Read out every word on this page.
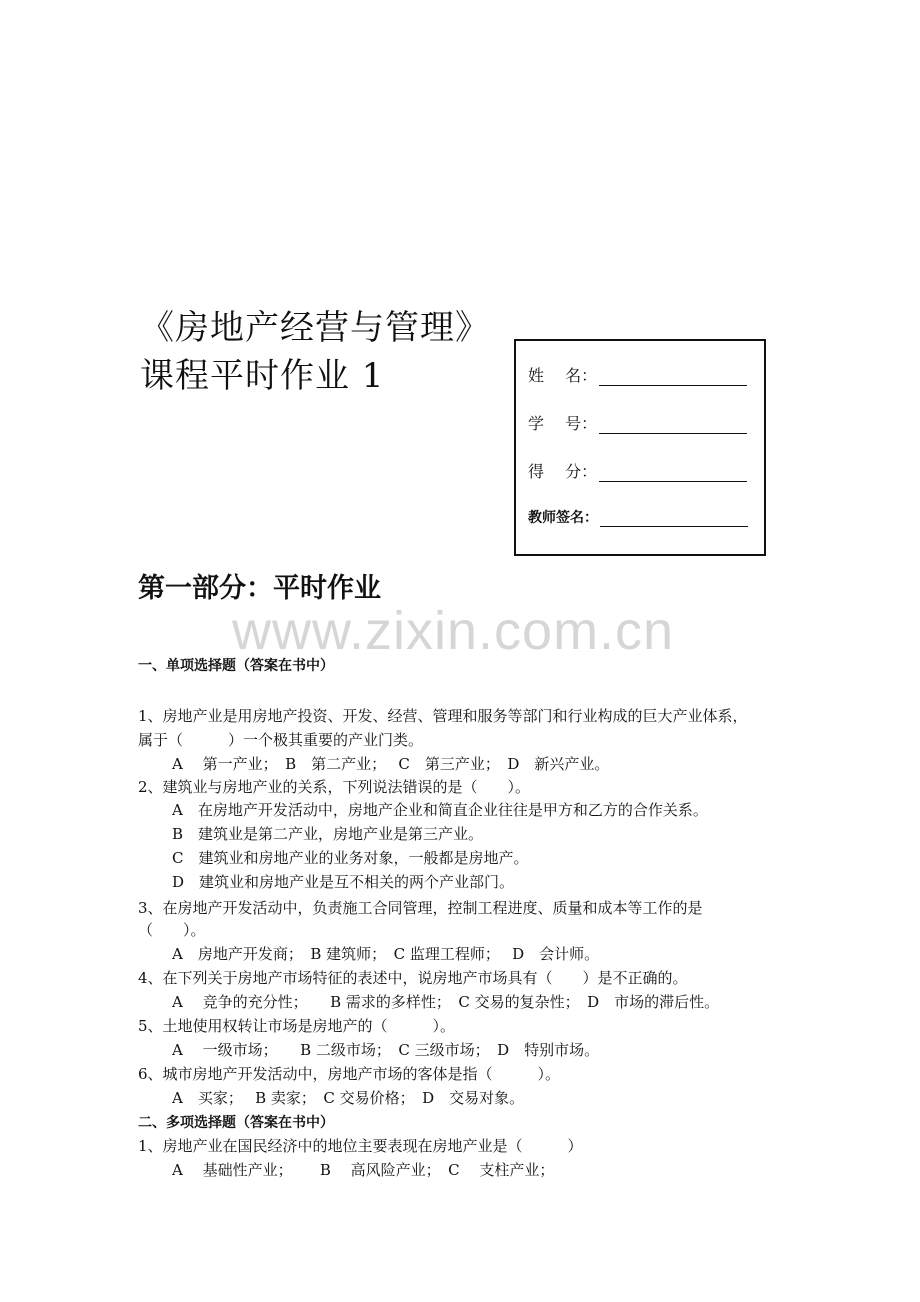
《房地产经营与管理》
课程平时作业 1	姓　 名：
学　 号：
得　 分：
教师签名：
第一部分：平时作业
www.zixin.com.cn
一、单项选择题（答案在书中）
1、房地产业是用房地产投资、开发、经营、管理和服务等部门和行业构成的巨大产业体系，
属于（　　　）一个极其重要的产业门类。
A　 第一产业；　B　第二产业；　 C　第三产业；　D　新兴产业。
2、建筑业与房地产业的关系，下列说法错误的是（　　）。
A　在房地产开发活动中，房地产企业和简直企业往往是甲方和乙方的合作关系。
B　建筑业是第二产业，房地产业是第三产业。
C　建筑业和房地产业的业务对象，一般都是房地产。
D　建筑业和房地产业是互不相关的两个产业部门。
3、在房地产开发活动中，负责施工合同管理，控制工程进度、质量和成本等工作的是
（　　）。
A　房地产开发商；　B 建筑师；　C 监理工程师；　 D　会计师。
4、在下列关于房地产市场特征的表述中，说房地产市场具有（　　）是不正确的。
A　 竞争的充分性；　　B 需求的多样性；　C 交易的复杂性；　D　市场的滞后性。
5、土地使用权转让市场是房地产的（　　　）。
A　 一级市场；　　B 二级市场；　C 三级市场；　D　特别市场。
6、城市房地产开发活动中，房地产市场的客体是指（　　　）。
A　买家；　 B 卖家；　C 交易价格；　D　交易对象。
二、多项选择题（答案在书中）
1、房地产业在国民经济中的地位主要表现在房地产业是（　　　）
A　 基础性产业；　　 B　 高风险产业；　C　 支柱产业；
